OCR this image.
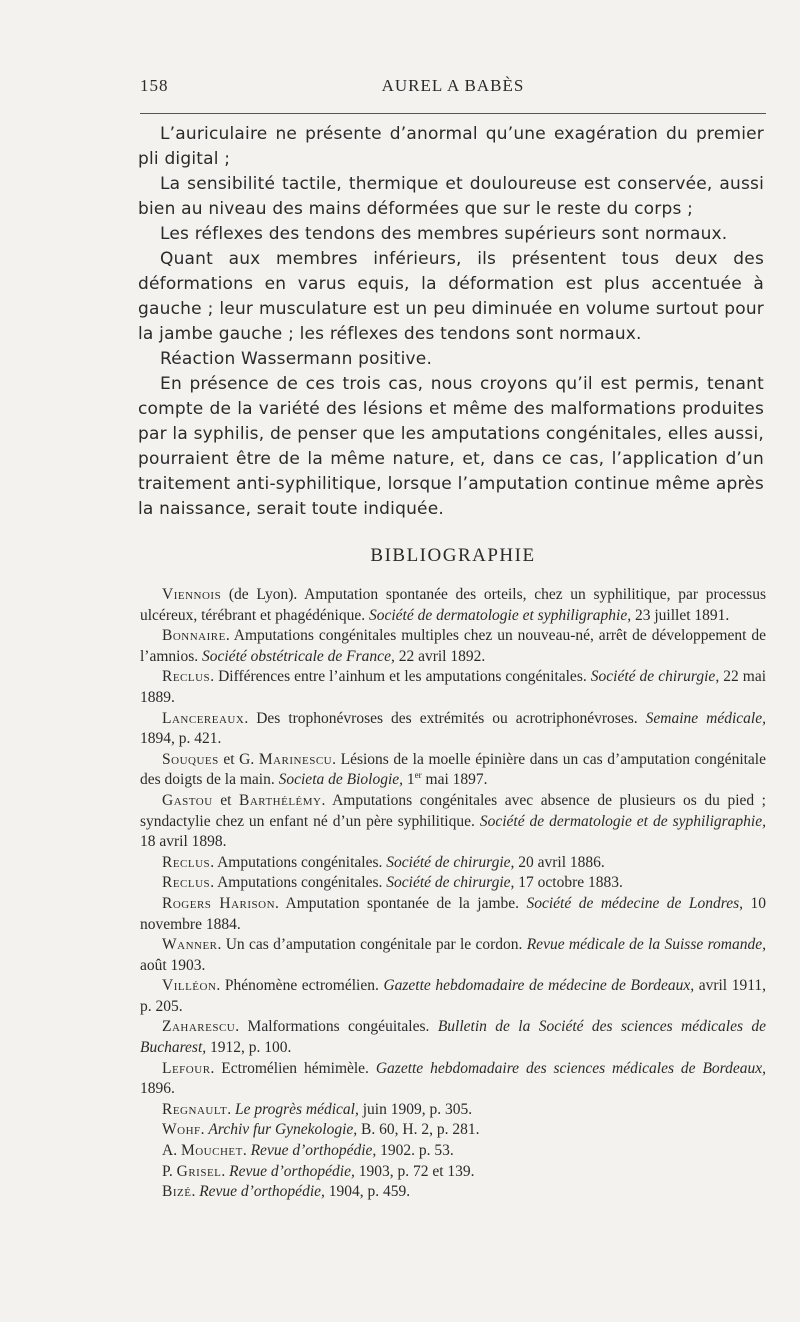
158	AUREL A BABÈS

L’auriculaire ne présente d’anormal qu’une exagération du premier pli digital ;

La sensibilité tactile, thermique et douloureuse est conservée, aussi bien au niveau des mains déformées que sur le reste du corps ;

Les réflexes des tendons des membres supérieurs sont normaux.

Quant aux membres inférieurs, ils présentent tous deux des déformations en varus equis, la déformation est plus accentuée à gauche ; leur musculature est un peu diminuée en volume surtout pour la jambe gauche ; les réflexes des tendons sont normaux.

Réaction Wassermann positive.

En présence de ces trois cas, nous croyons qu’il est permis, tenant compte de la variété des lésions et même des malformations produites par la syphilis, de penser que les amputations congénitales, elles aussi, pourraient être de la même nature, et, dans ce cas, l’application d’un traitement anti-syphilitique, lorsque l’amputation continue même après la naissance, serait toute indiquée.

BIBLIOGRAPHIE

Viennois (de Lyon). Amputation spontanée des orteils, chez un syphilitique, par processus ulcéreux, térébrant et phagédénique. Société de dermatologie et syphiligraphie, 23 juillet 1891.

Bonnaire. Amputations congénitales multiples chez un nouveau-né, arrêt de développement de l’amnios. Société obstétricale de France, 22 avril 1892.

Reclus. Différences entre l’ainhum et les amputations congénitales. Société de chirurgie, 22 mai 1889.

Lancereaux. Des trophonévroses des extrémités ou acrotriphonévroses. Semaine médicale, 1894, p. 421.

Souques et G. Marinescu. Lésions de la moelle épinière dans un cas d’amputation congénitale des doigts de la main. Societa de Biologie, 1er mai 1897.

Gastou et Barthélémy. Amputations congénitales avec absence de plusieurs os du pied ; syndactylie chez un enfant né d’un père syphilitique. Société de dermatologie et de syphiligraphie, 18 avril 1898.

Reclus. Amputations congénitales. Société de chirurgie, 20 avril 1886.

Reclus. Amputations congénitales. Société de chirurgie, 17 octobre 1883.

Rogers Harison. Amputation spontanée de la jambe. Société de médecine de Londres, 10 novembre 1884.

Wanner. Un cas d’amputation congénitale par le cordon. Revue médicale de la Suisse romande, août 1903.

Villéon. Phénomène ectromélien. Gazette hebdomadaire de médecine de Bordeaux, avril 1911, p. 205.

Zaharescu. Malformations congéuitales. Bulletin de la Société des sciences médicales de Bucharest, 1912, p. 100.

Lefour. Ectromélien hémimèle. Gazette hebdomadaire des sciences médicales de Bordeaux, 1896.

Regnault. Le progrès médical, juin 1909, p. 305.

Wohf. Archiv fur Gynekologie, B. 60, H. 2, p. 281.

A. Mouchet. Revue d’orthopédie, 1902. p. 53.

P. Grisel. Revue d’orthopédie, 1903, p. 72 et 139.

Bizé. Revue d’orthopédie, 1904, p. 459.
